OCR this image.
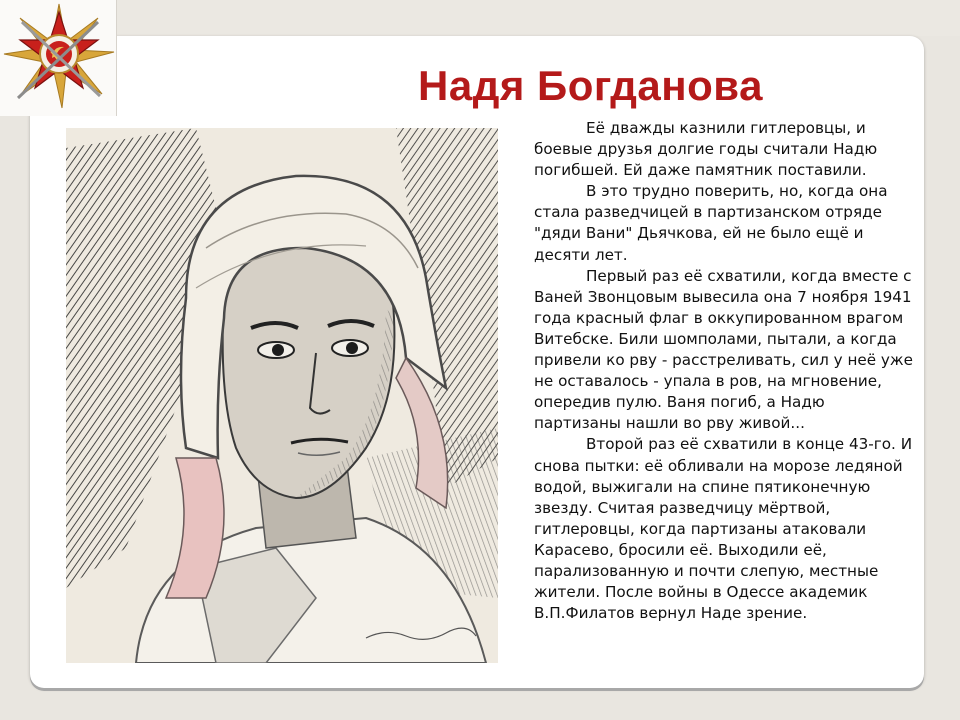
Надя Богданова

Её дважды казнили гитлеровцы, и боевые друзья долгие годы считали Надю погибшей. Ей даже памятник поставили.

В это трудно поверить, но, когда она стала разведчицей в партизанском отряде "дяди Вани" Дьячкова, ей не было ещё и десяти лет.

Первый раз её схватили, когда вместе с Ваней Звонцовым вывесила она 7 ноября 1941 года красный флаг в оккупированном врагом Витебске. Били шомполами, пытали, а когда привели ко рву - расстреливать, сил у неё уже не оставалось - упала в ров, на мгновение, опередив пулю. Ваня погиб, а Надю партизаны нашли во рву живой...

Второй раз её схватили в конце 43-го. И снова пытки: её обливали на морозе ледяной водой, выжигали на спине пятиконечную звезду. Считая разведчицу мёртвой, гитлеровцы, когда партизаны атаковали Карасево, бросили её. Выходили её, парализованную и почти слепую, местные жители. После войны в Одессе академик В.П.Филатов вернул Наде зрение.
